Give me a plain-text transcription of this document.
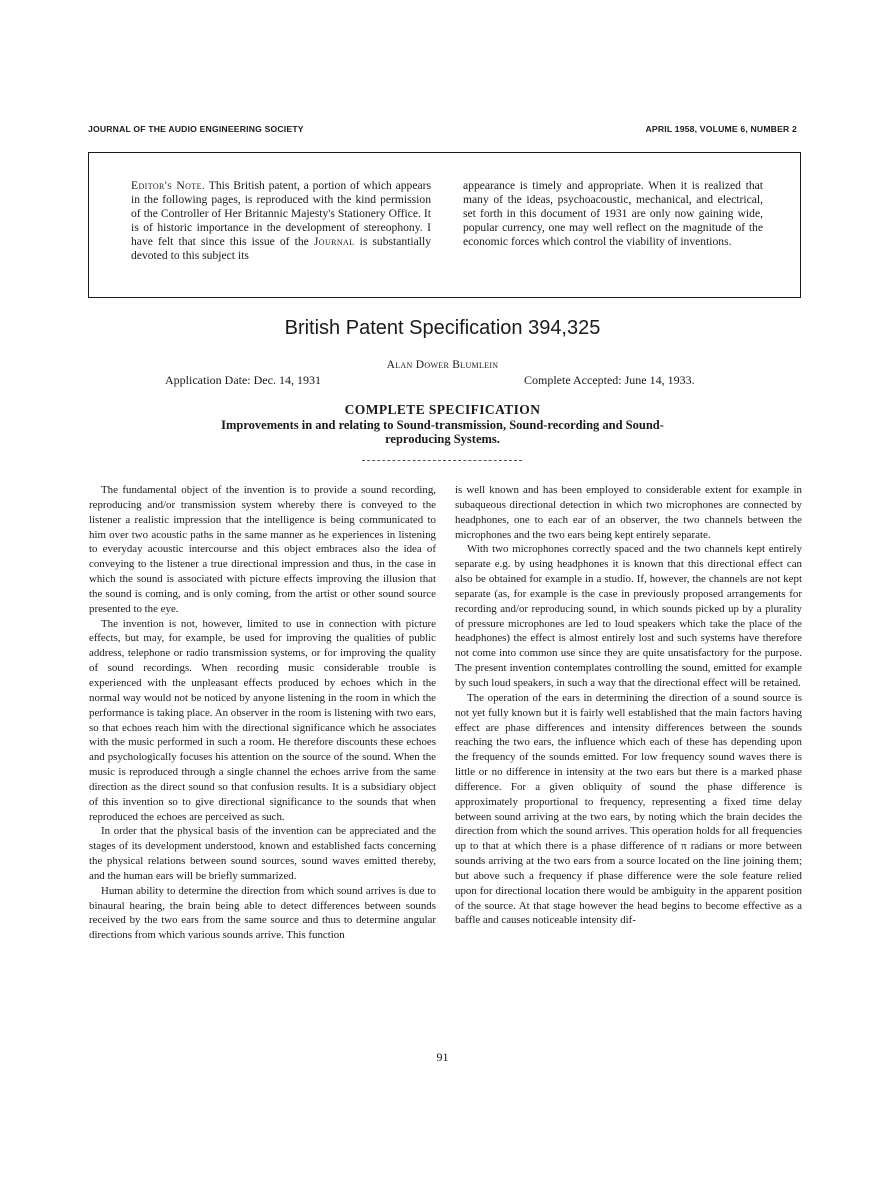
JOURNAL OF THE AUDIO ENGINEERING SOCIETY	APRIL 1958, VOLUME 6, NUMBER 2
Editor's Note. This British patent, a portion of which appears in the following pages, is reproduced with the kind permission of the Controller of Her Britannic Majesty's Stationery Office. It is of historic importance in the development of stereophony. I have felt that since this issue of the Journal is substantially devoted to this subject its
appearance is timely and appropriate. When it is realized that many of the ideas, psychoacoustic, mechanical, and electrical, set forth in this document of 1931 are only now gaining wide, popular currency, one may well reflect on the magnitude of the economic forces which control the viability of inventions.
British Patent Specification 394,325
Alan Dower Blumlein
Application Date: Dec. 14, 1931	Complete Accepted: June 14, 1933.
COMPLETE SPECIFICATION
Improvements in and relating to Sound-transmission, Sound-recording and Sound-reproducing Systems.

The fundamental object of the invention is to provide a sound recording, reproducing and/or transmission system whereby there is conveyed to the listener a realistic impression that the intelligence is being communicated to him over two acoustic paths in the same manner as he experiences in listening to everyday acoustic intercourse and this object embraces also the idea of conveying to the listener a true directional impression and thus, in the case in which the sound is associated with picture effects improving the illusion that the sound is coming, and is only coming, from the artist or other sound source presented to the eye.

The invention is not, however, limited to use in connection with picture effects, but may, for example, be used for improving the qualities of public address, telephone or radio transmission systems, or for improving the quality of sound recordings. When recording music considerable trouble is experienced with the unpleasant effects produced by echoes which in the normal way would not be noticed by anyone listening in the room in which the performance is taking place. An observer in the room is listening with two ears, so that echoes reach him with the directional significance which he associates with the music performed in such a room. He therefore discounts these echoes and psychologically focuses his attention on the source of the sound. When the music is reproduced through a single channel the echoes arrive from the same direction as the direct sound so that confusion results. It is a subsidiary object of this invention so to give directional significance to the sounds that when reproduced the echoes are perceived as such.

In order that the physical basis of the invention can be appreciated and the stages of its development understood, known and established facts concerning the physical relations between sound sources, sound waves emitted thereby, and the human ears will be briefly summarized.

Human ability to determine the direction from which sound arrives is due to binaural hearing, the brain being able to detect differences between sounds received by the two ears from the same source and thus to determine angular directions from which various sounds arrive. This function

is well known and has been employed to considerable extent for example in subaqueous directional detection in which two microphones are connected by headphones, one to each ear of an observer, the two channels between the microphones and the two ears being kept entirely separate.

With two microphones correctly spaced and the two channels kept entirely separate e.g. by using headphones it is known that this directional effect can also be obtained for example in a studio. If, however, the channels are not kept separate (as, for example is the case in previously proposed arrangements for recording and/or reproducing sound, in which sounds picked up by a plurality of pressure microphones are led to loud speakers which take the place of the headphones) the effect is almost entirely lost and such systems have therefore not come into common use since they are quite unsatisfactory for the purpose. The present invention contemplates controlling the sound, emitted for example by such loud speakers, in such a way that the directional effect will be retained.

The operation of the ears in determining the direction of a sound source is not yet fully known but it is fairly well established that the main factors having effect are phase differences and intensity differences between the sounds reaching the two ears, the influence which each of these has depending upon the frequency of the sounds emitted. For low frequency sound waves there is little or no difference in intensity at the two ears but there is a marked phase difference. For a given obliquity of sound the phase difference is approximately proportional to frequency, representing a fixed time delay between sound arriving at the two ears, by noting which the brain decides the direction from which the sound arrives. This operation holds for all frequencies up to that at which there is a phase difference of π radians or more between sounds arriving at the two ears from a source located on the line joining them; but above such a frequency if phase difference were the sole feature relied upon for directional location there would be ambiguity in the apparent position of the source. At that stage however the head begins to become effective as a baffle and causes noticeable intensity dif-

91
